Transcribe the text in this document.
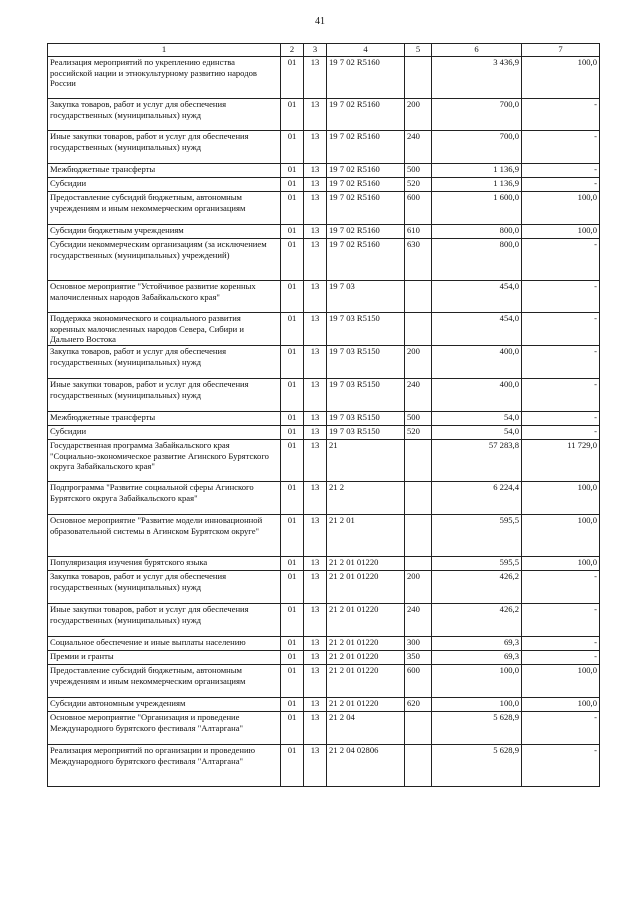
41
1	2	3	4	5	6	7
Реализация мероприятий по укреплению единства российской нации и этнокультурному развитию народов России	01	13	19 7 02 R5160		3 436,9	100,0
Закупка товаров, работ и услуг для обеспечения государственных (муниципальных) нужд	01	13	19 7 02 R5160	200	700,0	-
Иные закупки товаров, работ и услуг для обеспечения государственных (муниципальных) нужд	01	13	19 7 02 R5160	240	700,0	-
Межбюджетные трансферты	01	13	19 7 02 R5160	500	1 136,9	-
Субсидии	01	13	19 7 02 R5160	520	1 136,9	-
Предоставление субсидий бюджетным, автономным учреждениям и иным некоммерческим организациям	01	13	19 7 02 R5160	600	1 600,0	100,0
Субсидии бюджетным учреждениям	01	13	19 7 02 R5160	610	800,0	100,0
Субсидии некоммерческим организациям (за исключением государственных (муниципальных) учреждений)	01	13	19 7 02 R5160	630	800,0	-
Основное мероприятие "Устойчивое развитие коренных малочисленных народов Забайкальского края"	01	13	19 7 03		454,0	-
Поддержка экономического и социального развития коренных малочисленных народов Севера, Сибири и Дальнего Востока	01	13	19 7 03 R5150		454,0	-
Закупка товаров, работ и услуг для обеспечения государственных (муниципальных) нужд	01	13	19 7 03 R5150	200	400,0	-
Иные закупки товаров, работ и услуг для обеспечения государственных (муниципальных) нужд	01	13	19 7 03 R5150	240	400,0	-
Межбюджетные трансферты	01	13	19 7 03 R5150	500	54,0	-
Субсидии	01	13	19 7 03 R5150	520	54,0	-
Государственная программа Забайкальского края "Социально-экономическое развитие Агинского Бурятского округа Забайкальского края"	01	13	21		57 283,8	11 729,0
Подпрограмма "Развитие социальной сферы Агинского Бурятского округа Забайкальского края"	01	13	21 2		6 224,4	100,0
Основное мероприятие "Развитие модели инновационной образовательной системы в Агинском Бурятском округе"	01	13	21 2 01		595,5	100,0
Популяризация изучения бурятского языка	01	13	21 2 01 01220		595,5	100,0
Закупка товаров, работ и услуг для обеспечения государственных (муниципальных) нужд	01	13	21 2 01 01220	200	426,2	-
Иные закупки товаров, работ и услуг для обеспечения государственных (муниципальных) нужд	01	13	21 2 01 01220	240	426,2	-
Социальное обеспечение и иные выплаты населению	01	13	21 2 01 01220	300	69,3	-
Премии и гранты	01	13	21 2 01 01220	350	69,3	-
Предоставление субсидий бюджетным, автономным учреждениям и иным некоммерческим организациям	01	13	21 2 01 01220	600	100,0	100,0
Субсидии автономным учреждениям	01	13	21 2 01 01220	620	100,0	100,0
Основное мероприятие "Организация и проведение Международного бурятского фестиваля "Алтаргана"	01	13	21 2 04		5 628,9	-
Реализация мероприятий по организации и проведению Международного бурятского фестиваля "Алтаргана"	01	13	21 2 04 02806		5 628,9	-
